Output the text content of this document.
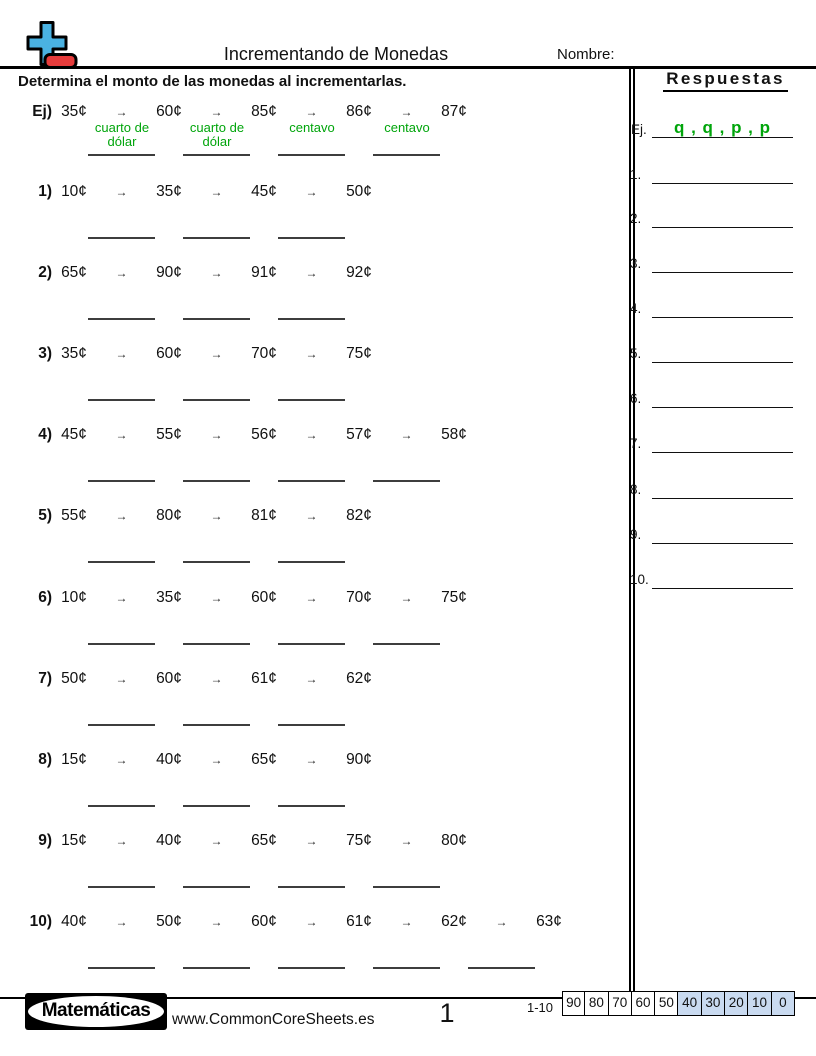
Incrementando de Monedas	Nombre:
Determina el monto de las monedas al incrementarlas.	Respuestas
Ej) 35¢	→	60¢	→	85¢	→	86¢	→	87¢
cuarto de dólar
cuarto de dólar
centavo	centavo
1) 10¢	→	35¢	→	45¢	→	50¢
2) 65¢	→	90¢	→	91¢	→	92¢
3) 35¢	→	60¢	→	70¢	→	75¢
4) 45¢	→	55¢	→	56¢	→	57¢	→	58¢
5) 55¢	→	80¢	→	81¢	→	82¢
6) 10¢	→	35¢	→	60¢	→	70¢	→	75¢
7) 50¢	→	60¢	→	61¢	→	62¢
8) 15¢	→	40¢	→	65¢	→	90¢
9) 15¢	→	40¢	→	65¢	→	75¢	→	80¢
10) 40¢	→	50¢	→	60¢	→	61¢	→	62¢	→	63¢
Ej.	q , q , p , p
1.
2.
3.
4.
5.
6.
7.
8.
9.
10.
Matemáticas	www.CommonCoreSheets.es	1	1-10 90 80 70 60 50 40 30 20 10 0
